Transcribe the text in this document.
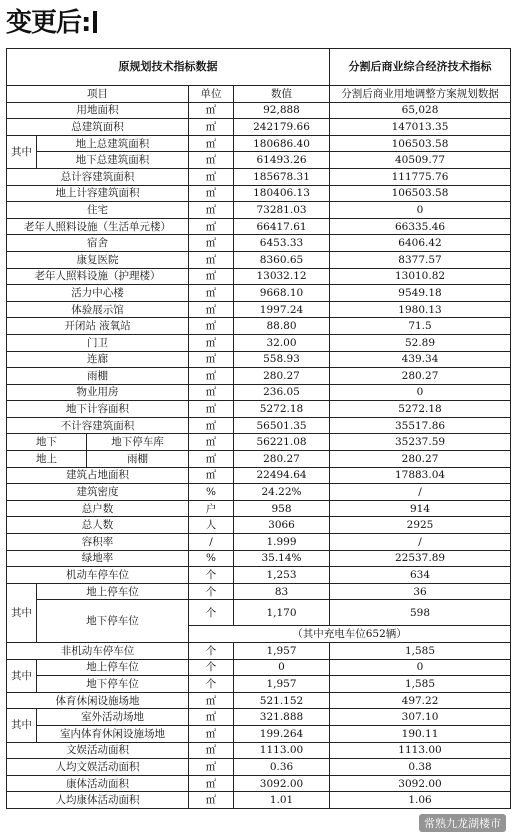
变更后:
原规划技术指标数据					分割后商业综合经济技术指标
项目			单位	数值	分割后商业用地调整方案规划数据
用地面积			㎡	92,888	65,028
总建筑面积			㎡	242179.66	147013.35
其中	地上总建筑面积		㎡	180686.40	106503.58
	地下总建筑面积		㎡	61493.26	40509.77
总计容建筑面积			㎡	185678.31	111775.76
地上计容建筑面积			㎡	180406.13	106503.58
住宅			㎡	73281.03	0
老年人照料设施（生活单元楼）			㎡	66417.61	66335.46
宿舍			㎡	6453.33	6406.42
康复医院			㎡	8360.65	8377.57
老年人照料设施（护理楼）			㎡	13032.12	13010.82
活力中心楼			㎡	9668.10	9549.18
体验展示馆			㎡	1997.24	1980.13
开闭站 液氧站			㎡	88.80	71.5
门卫			㎡	32.00	52.89
连廊			㎡	558.93	439.34
雨棚			㎡	280.27	280.27
物业用房			㎡	236.05	0
地下计容面积			㎡	5272.18	5272.18
不计容建筑面积			㎡	56501.35	35517.86
地下		地下停车库	㎡	56221.08	35237.59
地上		雨棚	㎡	280.27	280.27
建筑占地面积			㎡	22494.64	17883.04
建筑密度			%	24.22%	/
总户数			户	958	914
总人数			人	3066	2925
容积率			/	1.999	/
绿地率			%	35.14%	22537.89
机动车停车位			个	1,253	634
其中	地上停车位		个	83	36
	地下停车位		个	1,170	598
			（其中充电车位652辆）		
非机动车停车位			个	1,957	1,585
其中	地上停车位		个	0	0
	地下停车位		个	1,957	1,585
体育休闲设施场地			㎡	521.152	497.22
其中	室外活动场地		㎡	321.888	307.10
	室内体育休闲设施场地		㎡	199.264	190.11
文娱活动面积			㎡	1113.00	1113.00
人均文娱活动面积			㎡	0.36	0.38
康体活动面积			㎡	3092.00	3092.00
人均康体活动面积			㎡	1.01	1.06
常熟九龙湖楼市
